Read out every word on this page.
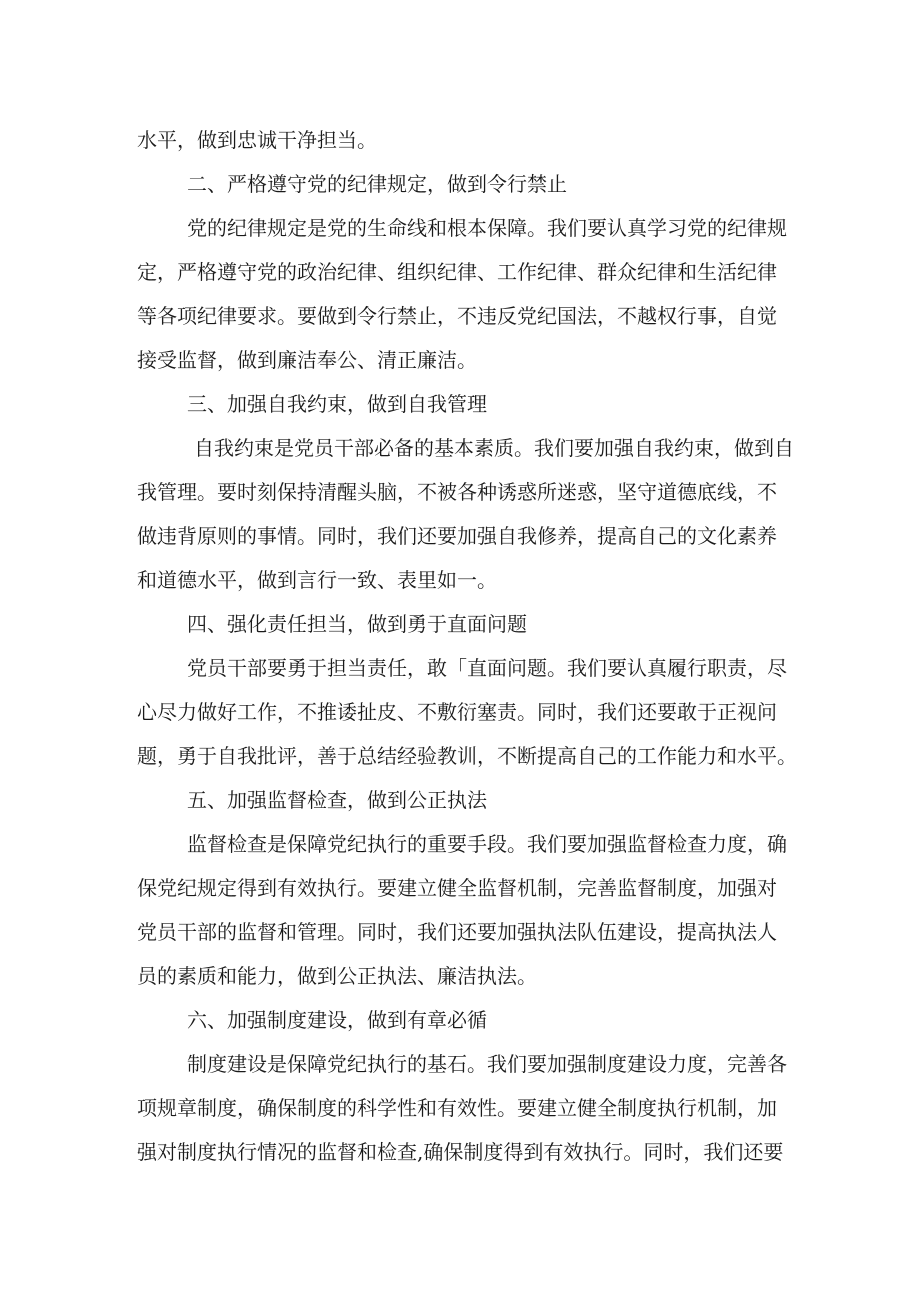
水平，做到忠诚干净担当。
二、严格遵守党的纪律规定，做到令行禁止
党的纪律规定是党的生命线和根本保障。我们要认真学习党的纪律规
定，严格遵守党的政治纪律、组织纪律、工作纪律、群众纪律和生活纪律
等各项纪律要求。要做到令行禁止，不违反党纪国法，不越权行事，自觉
接受监督，做到廉洁奉公、清正廉洁。
三、加强自我约束，做到自我管理
自我约束是党员干部必备的基本素质。我们要加强自我约束，做到自
我管理。要时刻保持清醒头脑，不被各种诱惑所迷惑，坚守道德底线，不
做违背原则的事情。同时，我们还要加强自我修养，提高自己的文化素养
和道德水平，做到言行一致、表里如一。
四、强化责任担当，做到勇于直面问题
党员干部要勇于担当责任，敢「直面问题。我们要认真履行职责，尽
心尽力做好工作，不推诿扯皮、不敷衍塞责。同时，我们还要敢于正视问
题，勇于自我批评，善于总结经验教训，不断提高自己的工作能力和水平。
五、加强监督检查，做到公正执法
监督检查是保障党纪执行的重要手段。我们要加强监督检查力度，确
保党纪规定得到有效执行。要建立健全监督机制，完善监督制度，加强对
党员干部的监督和管理。同时，我们还要加强执法队伍建设，提高执法人
员的素质和能力，做到公正执法、廉洁执法。
六、加强制度建设，做到有章必循
制度建设是保障党纪执行的基石。我们要加强制度建设力度，完善各
项规章制度，确保制度的科学性和有效性。要建立健全制度执行机制，加
强对制度执行情况的监督和检查,确保制度得到有效执行。同时，我们还要
